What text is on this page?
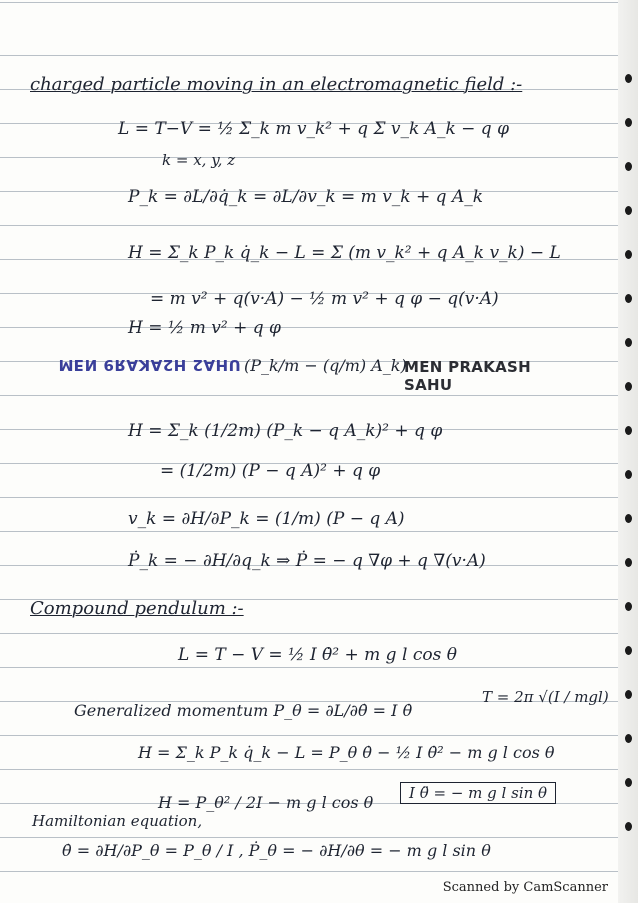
charged particle moving in an electromagnetic field :-
L = T−V = ½ Σ_k m v_k² + q Σ v_k A_k − q φ
k = x, y, z
P_k = ∂L/∂q̇_k = ∂L/∂v_k = m v_k + q A_k
H = Σ_k P_k q̇_k − L = Σ (m v_k² + q A_k v_k) − L
= m v² + q(v·A) − ½ m v² + q φ − q(v·A)
H = ½ m v² + q φ
UHA2 H2AKAЯ9 ИƎM (P_k/m − (q/m) A_k)
MEN PRAKASH SAHU
H = Σ_k (1/2m) (P_k − q A_k)² + q φ
= (1/2m) (P − q A)² + q φ
v_k = ∂H/∂P_k = (1/m) (P − q A)
Ṗ_k = − ∂H/∂q_k ⇒ Ṗ = − q ∇φ + q ∇(v·A)
Compound pendulum :-
L = T − V = ½ I θ̇² + m g l cos θ
Generalized momentum P_θ = ∂L/∂θ̇ = I θ̇
T = 2π √(I / mgl)
H = Σ_k P_k q̇_k − L = P_θ θ̇ − ½ I θ̇² − m g l cos θ
I θ̈ = − m g l sin θ
H = P_θ² / 2I − m g l cos θ
Hamiltonian equation,
θ̇ = ∂H/∂P_θ = P_θ / I , Ṗ_θ = − ∂H/∂θ = − m g l sin θ
Scanned by CamScanner
